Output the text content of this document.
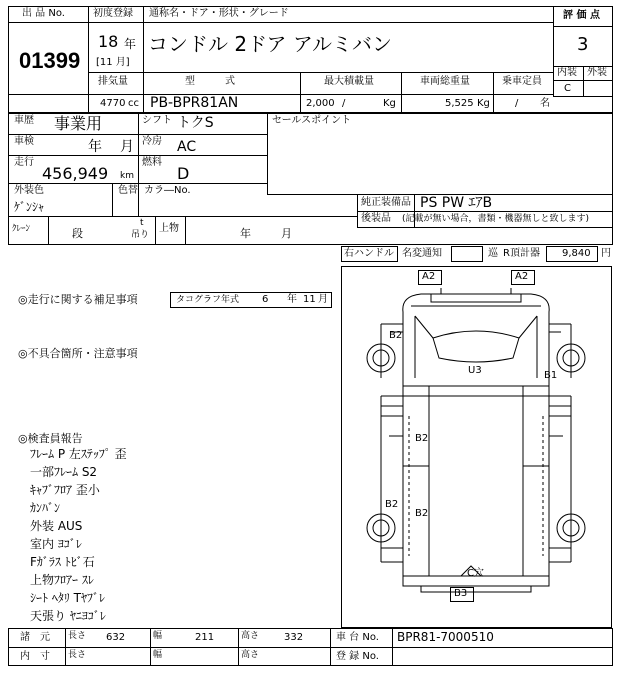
出 品 No.
01399
初度登録 通称名・ドア・形状・グレード
18 年
[11 月]
コンドル 2ドア アルミバン
評 価 点
3
内装 外装
C
排気量	型　　　式	最大積載量	車両総重量	乗車定員
4770 cc PB-BPR81AN	2,000 /	Kg	5,525 Kg	/ 名
車歴 事業用	シフト トクS	セールスポイント
車検	年 月 冷房 AC
走行
456,949 km
燃料
D
外装色
ｹﾞﾝｼｬ
色替 カラ―No.
純正装備品 PS PW ｴｱB
後装品 (記載が無い場合，書類・機器無しと致します)
ｸﾚｰﾝ	段
t
吊り
上物	年	月
右ハンドル 名変通知	巡 R頂計器 9,840 円
◎走行に関する補足事項	タコグラフ年式 6 年 11 月
◎不具合箇所・注意事項
◎検査員報告
ﾌﾚｰﾑ P 左ｽﾃｯﾌﾟ 歪
一部ﾌﾚｰﾑ S2
ｷｬﾌﾞﾌﾛｱ 歪小
ｶﾝﾊﾞﾝ
外装 AUS
室内 ﾖｺﾞﾚ
Fｶﾞﾗｽ ﾄﾋﾞ石
上物ﾌﾛｱｰ ｽﾚ
ｼｰﾄ ﾍﾀﾘ Tﾔﾌﾞﾚ
天張り ﾔﾆﾖｺﾞﾚ
A2	A2
B2
U3	B1
B2
B2
B2
C穴
B3
諸　元 長さ 632	幅	211	高さ 332	車 台 No. BPR81-7000510
内　寸 長さ	幅	高さ	登 録 No.
